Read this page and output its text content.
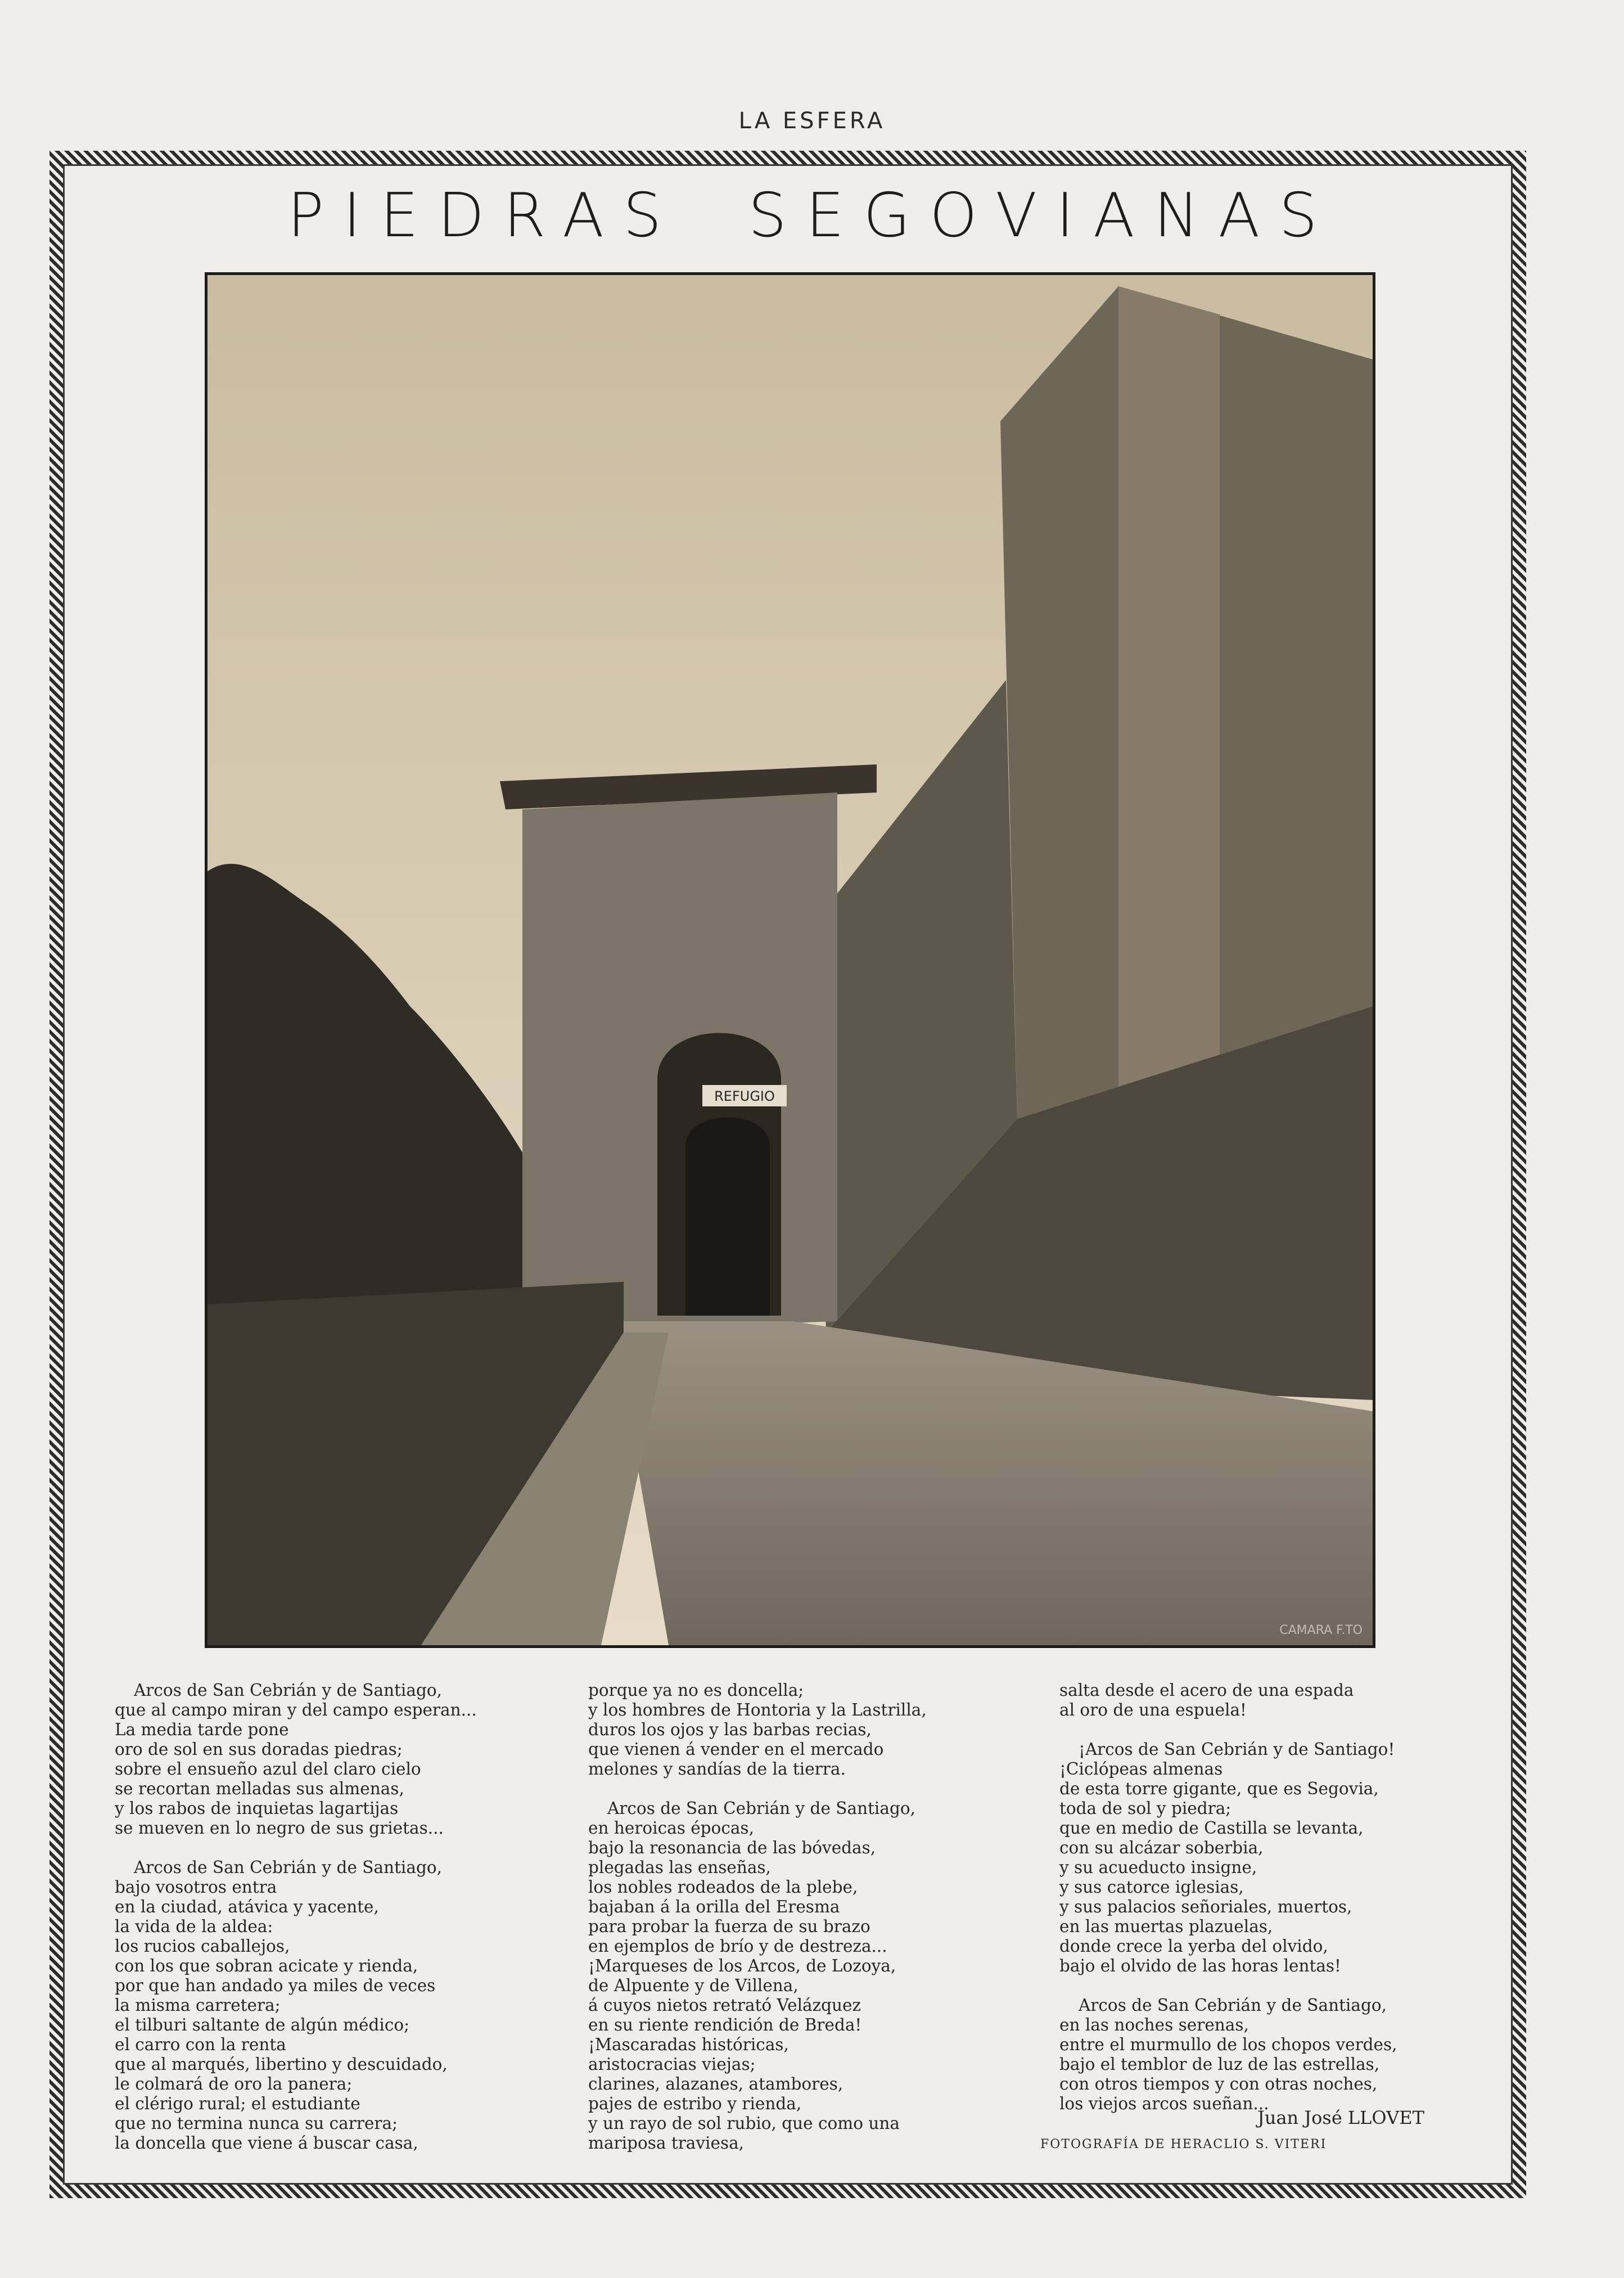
LA ESFERA
PIEDRAS SEGOVIANAS
REFUGIO
CAMARA F.TO
Arcos de San Cebrián y de Santiago,
que al campo miran y del campo esperan...
La media tarde pone
oro de sol en sus doradas piedras;
sobre el ensueño azul del claro cielo
se recortan melladas sus almenas,
y los rabos de inquietas lagartijas
se mueven en lo negro de sus grietas...
Arcos de San Cebrián y de Santiago,
bajo vosotros entra
en la ciudad, atávica y yacente,
la vida de la aldea:
los rucios caballejos,
con los que sobran acicate y rienda,
por que han andado ya miles de veces
la misma carretera;
el tilburi saltante de algún médico;
el carro con la renta
que al marqués, libertino y descuidado,
le colmará de oro la panera;
el clérigo rural; el estudiante
que no termina nunca su carrera;
la doncella que viene á buscar casa,
porque ya no es doncella;
y los hombres de Hontoria y la Lastrilla,
duros los ojos y las barbas recias,
que vienen á vender en el mercado
melones y sandías de la tierra.
Arcos de San Cebrián y de Santiago,
en heroicas épocas,
bajo la resonancia de las bóvedas,
plegadas las enseñas,
los nobles rodeados de la plebe,
bajaban á la orilla del Eresma
para probar la fuerza de su brazo
en ejemplos de brío y de destreza...
¡Marqueses de los Arcos, de Lozoya,
de Alpuente y de Villena,
á cuyos nietos retrató Velázquez
en su riente rendición de Breda!
¡Mascaradas históricas,
aristocracias viejas;
clarines, alazanes, atambores,
pajes de estribo y rienda,
y un rayo de sol rubio, que como una
mariposa traviesa,
salta desde el acero de una espada
al oro de una espuela!
¡Arcos de San Cebrián y de Santiago!
¡Ciclópeas almenas
de esta torre gigante, que es Segovia,
toda de sol y piedra;
que en medio de Castilla se levanta,
con su alcázar soberbia,
y su acueducto insigne,
y sus catorce iglesias,
y sus palacios señoriales, muertos,
en las muertas plazuelas,
donde crece la yerba del olvido,
bajo el olvido de las horas lentas!
Arcos de San Cebrián y de Santiago,
en las noches serenas,
entre el murmullo de los chopos verdes,
bajo el temblor de luz de las estrellas,
con otros tiempos y con otras noches,
los viejos arcos sueñan...
Juan José LLOVET
FOTOGRAFÍA DE HERACLIO S. VITERI
